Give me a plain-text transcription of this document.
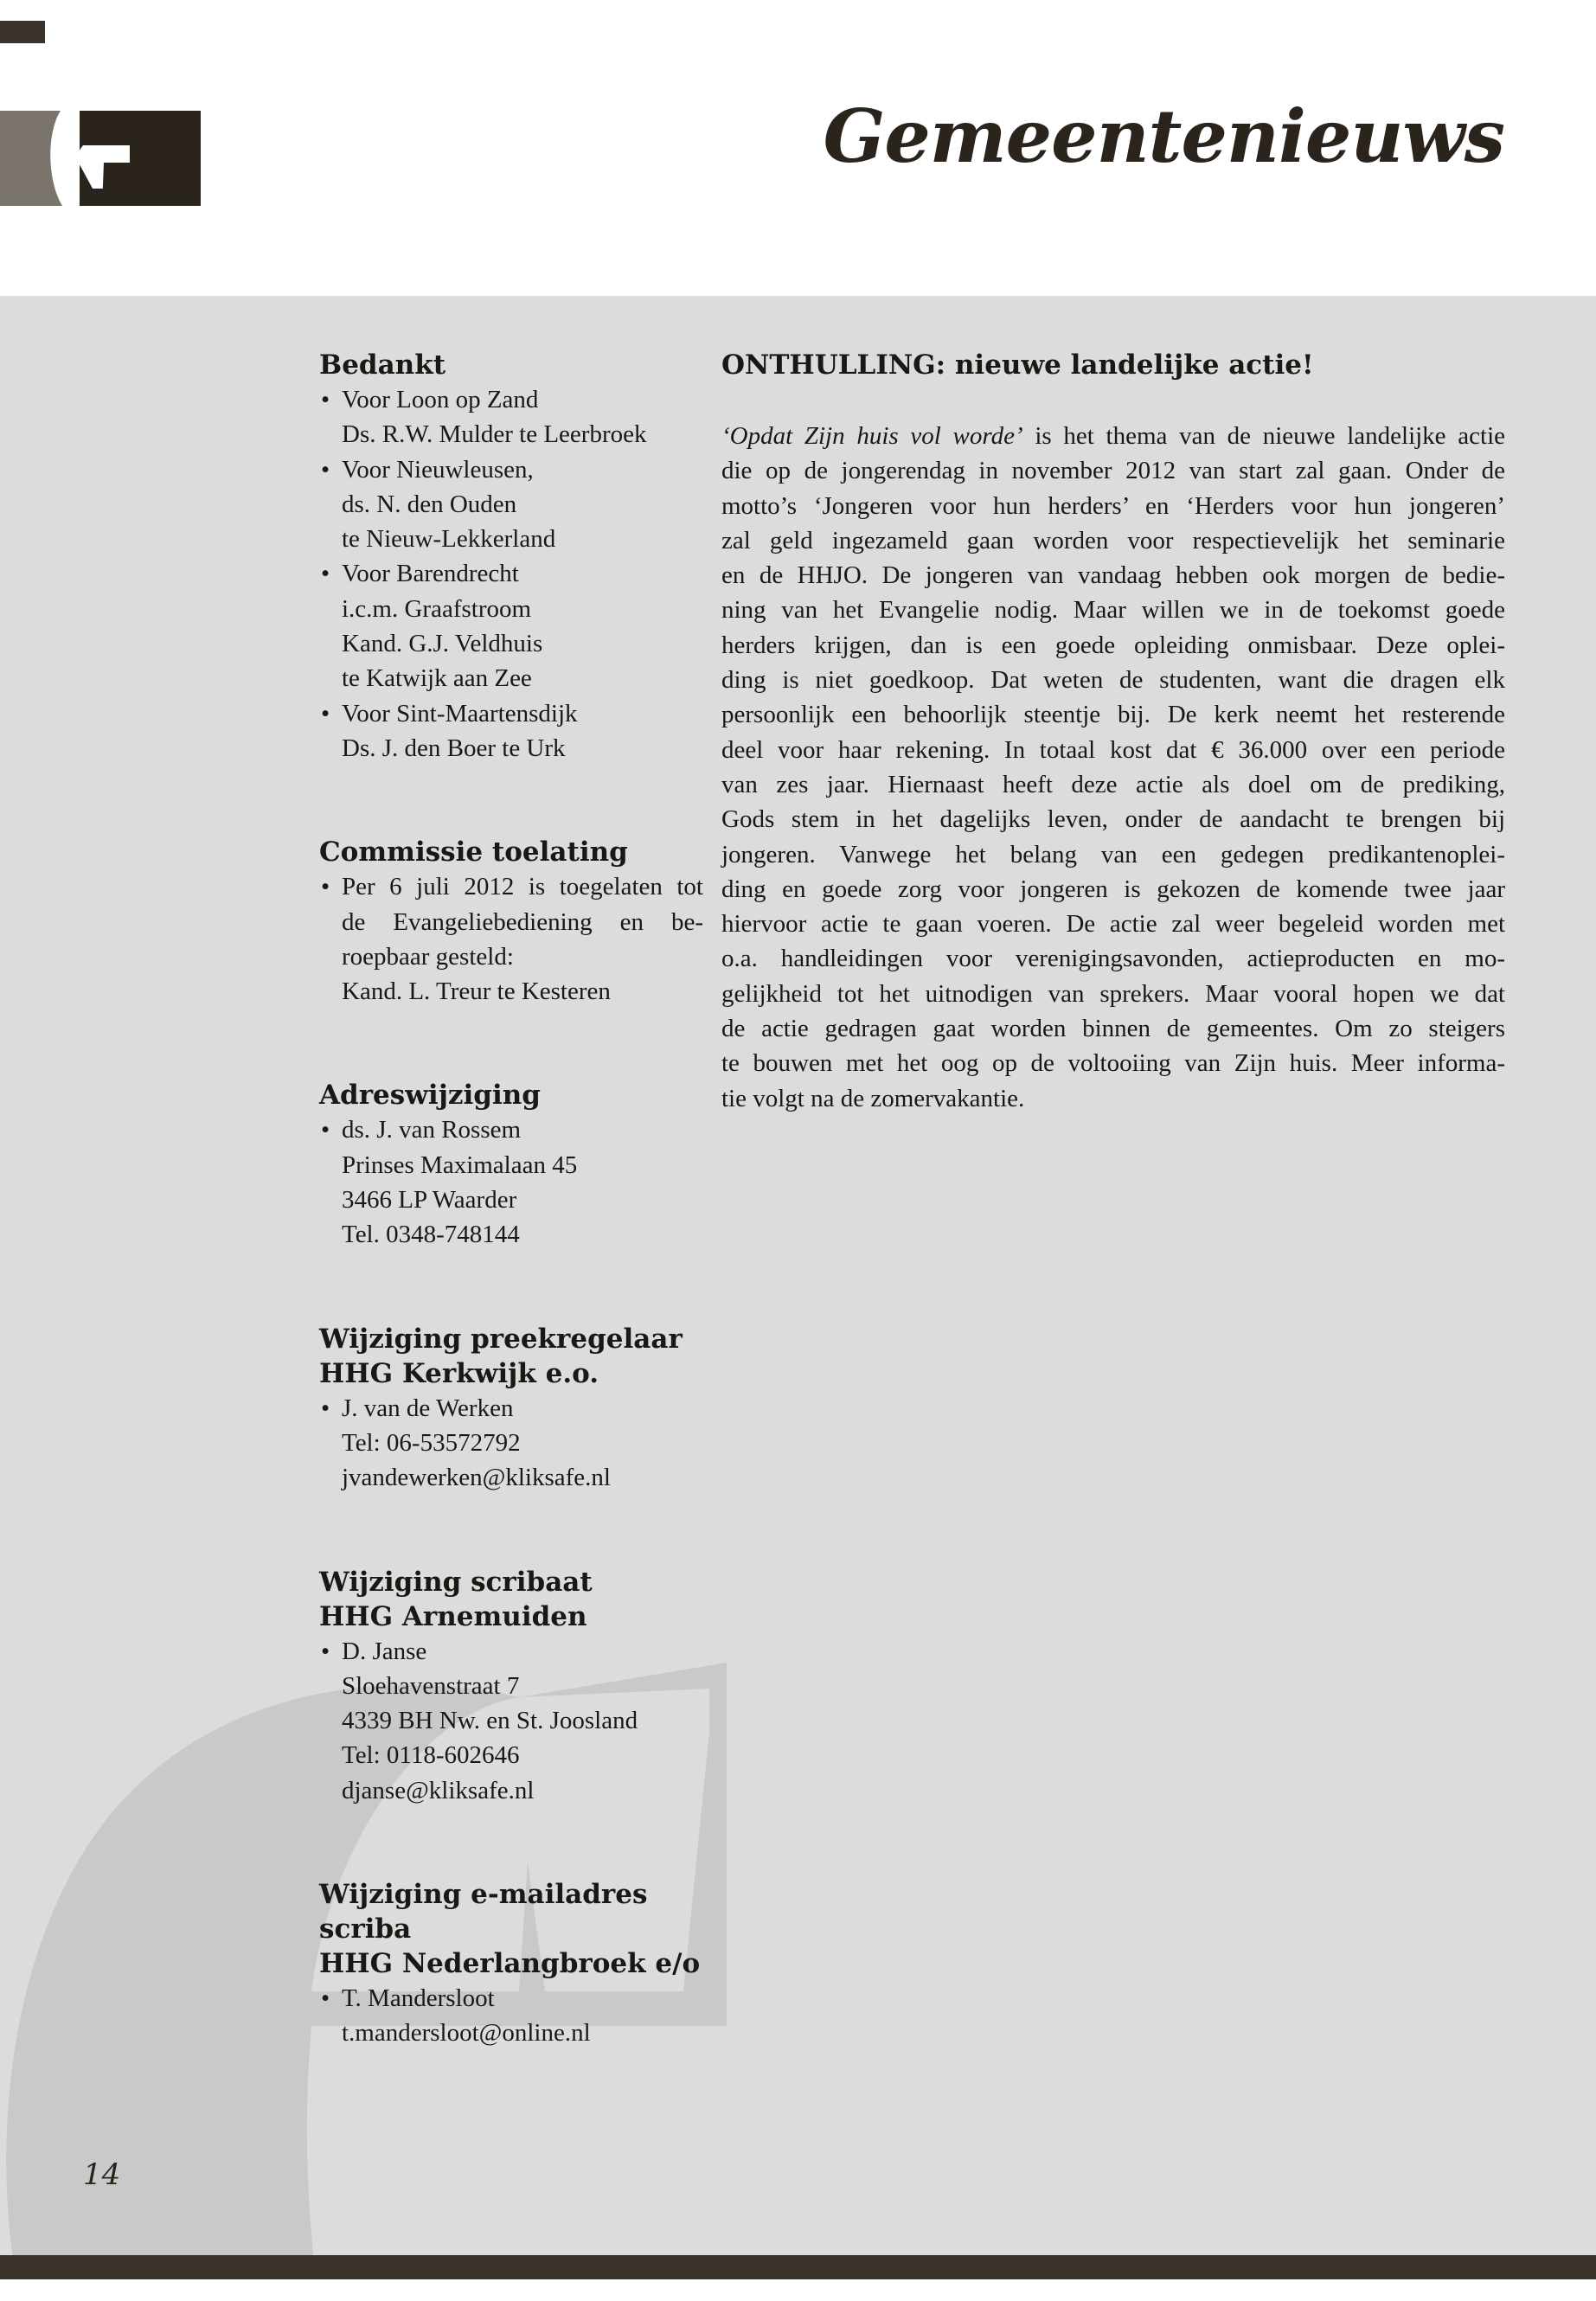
Gemeentenieuws
Bedankt
• Voor Loon op Zand
Ds. R.W. Mulder te Leerbroek
• Voor Nieuwleusen,
ds. N. den Ouden
te Nieuw-Lekkerland
• Voor Barendrecht
i.c.m. Graafstroom
Kand. G.J. Veldhuis
te Katwijk aan Zee
• Voor Sint-Maartensdijk
Ds. J. den Boer te Urk
Commissie toelating
• Per 6 juli 2012 is toegelaten tot
de Evangeliebediening en be-
roepbaar gesteld:
Kand. L. Treur te Kesteren
Adreswijziging
• ds. J. van Rossem
Prinses Maximalaan 45
3466 LP Waarder
Tel. 0348-748144
Wijziging preekregelaar
HHG Kerkwijk e.o.
• J. van de Werken
Tel: 06-53572792
jvandewerken@kliksafe.nl
Wijziging scribaat
HHG Arnemuiden
• D. Janse
Sloehavenstraat 7
4339 BH Nw. en St. Joosland
Tel: 0118-602646
djanse@kliksafe.nl
Wijziging e-mailadres scriba
HHG Nederlangbroek e/o
• T. Mandersloot
t.mandersloot@online.nl
ONTHULLING: nieuwe landelijke actie!
‘Opdat Zijn huis vol worde’ is het thema van de nieuwe landelijke actie
die op de jongerendag in november 2012 van start zal gaan. Onder de
motto’s ‘Jongeren voor hun herders’ en ‘Herders voor hun jongeren’
zal geld ingezameld gaan worden voor respectievelijk het seminarie
en de HHJO. De jongeren van vandaag hebben ook morgen de bedie-
ning van het Evangelie nodig. Maar willen we in de toekomst goede
herders krijgen, dan is een goede opleiding onmisbaar. Deze oplei-
ding is niet goedkoop. Dat weten de studenten, want die dragen elk
persoonlijk een behoorlijk steentje bij. De kerk neemt het resterende
deel voor haar rekening. In totaal kost dat € 36.000 over een periode
van zes jaar. Hiernaast heeft deze actie als doel om de prediking,
Gods stem in het dagelijks leven, onder de aandacht te brengen bij
jongeren. Vanwege het belang van een gedegen predikantenoplei-
ding en goede zorg voor jongeren is gekozen de komende twee jaar
hiervoor actie te gaan voeren. De actie zal weer begeleid worden met
o.a. handleidingen voor verenigingsavonden, actieproducten en mo-
gelijkheid tot het uitnodigen van sprekers. Maar vooral hopen we dat
de actie gedragen gaat worden binnen de gemeentes. Om zo steigers
te bouwen met het oog op de voltooiing van Zijn huis. Meer informa-
tie volgt na de zomervakantie.
14
